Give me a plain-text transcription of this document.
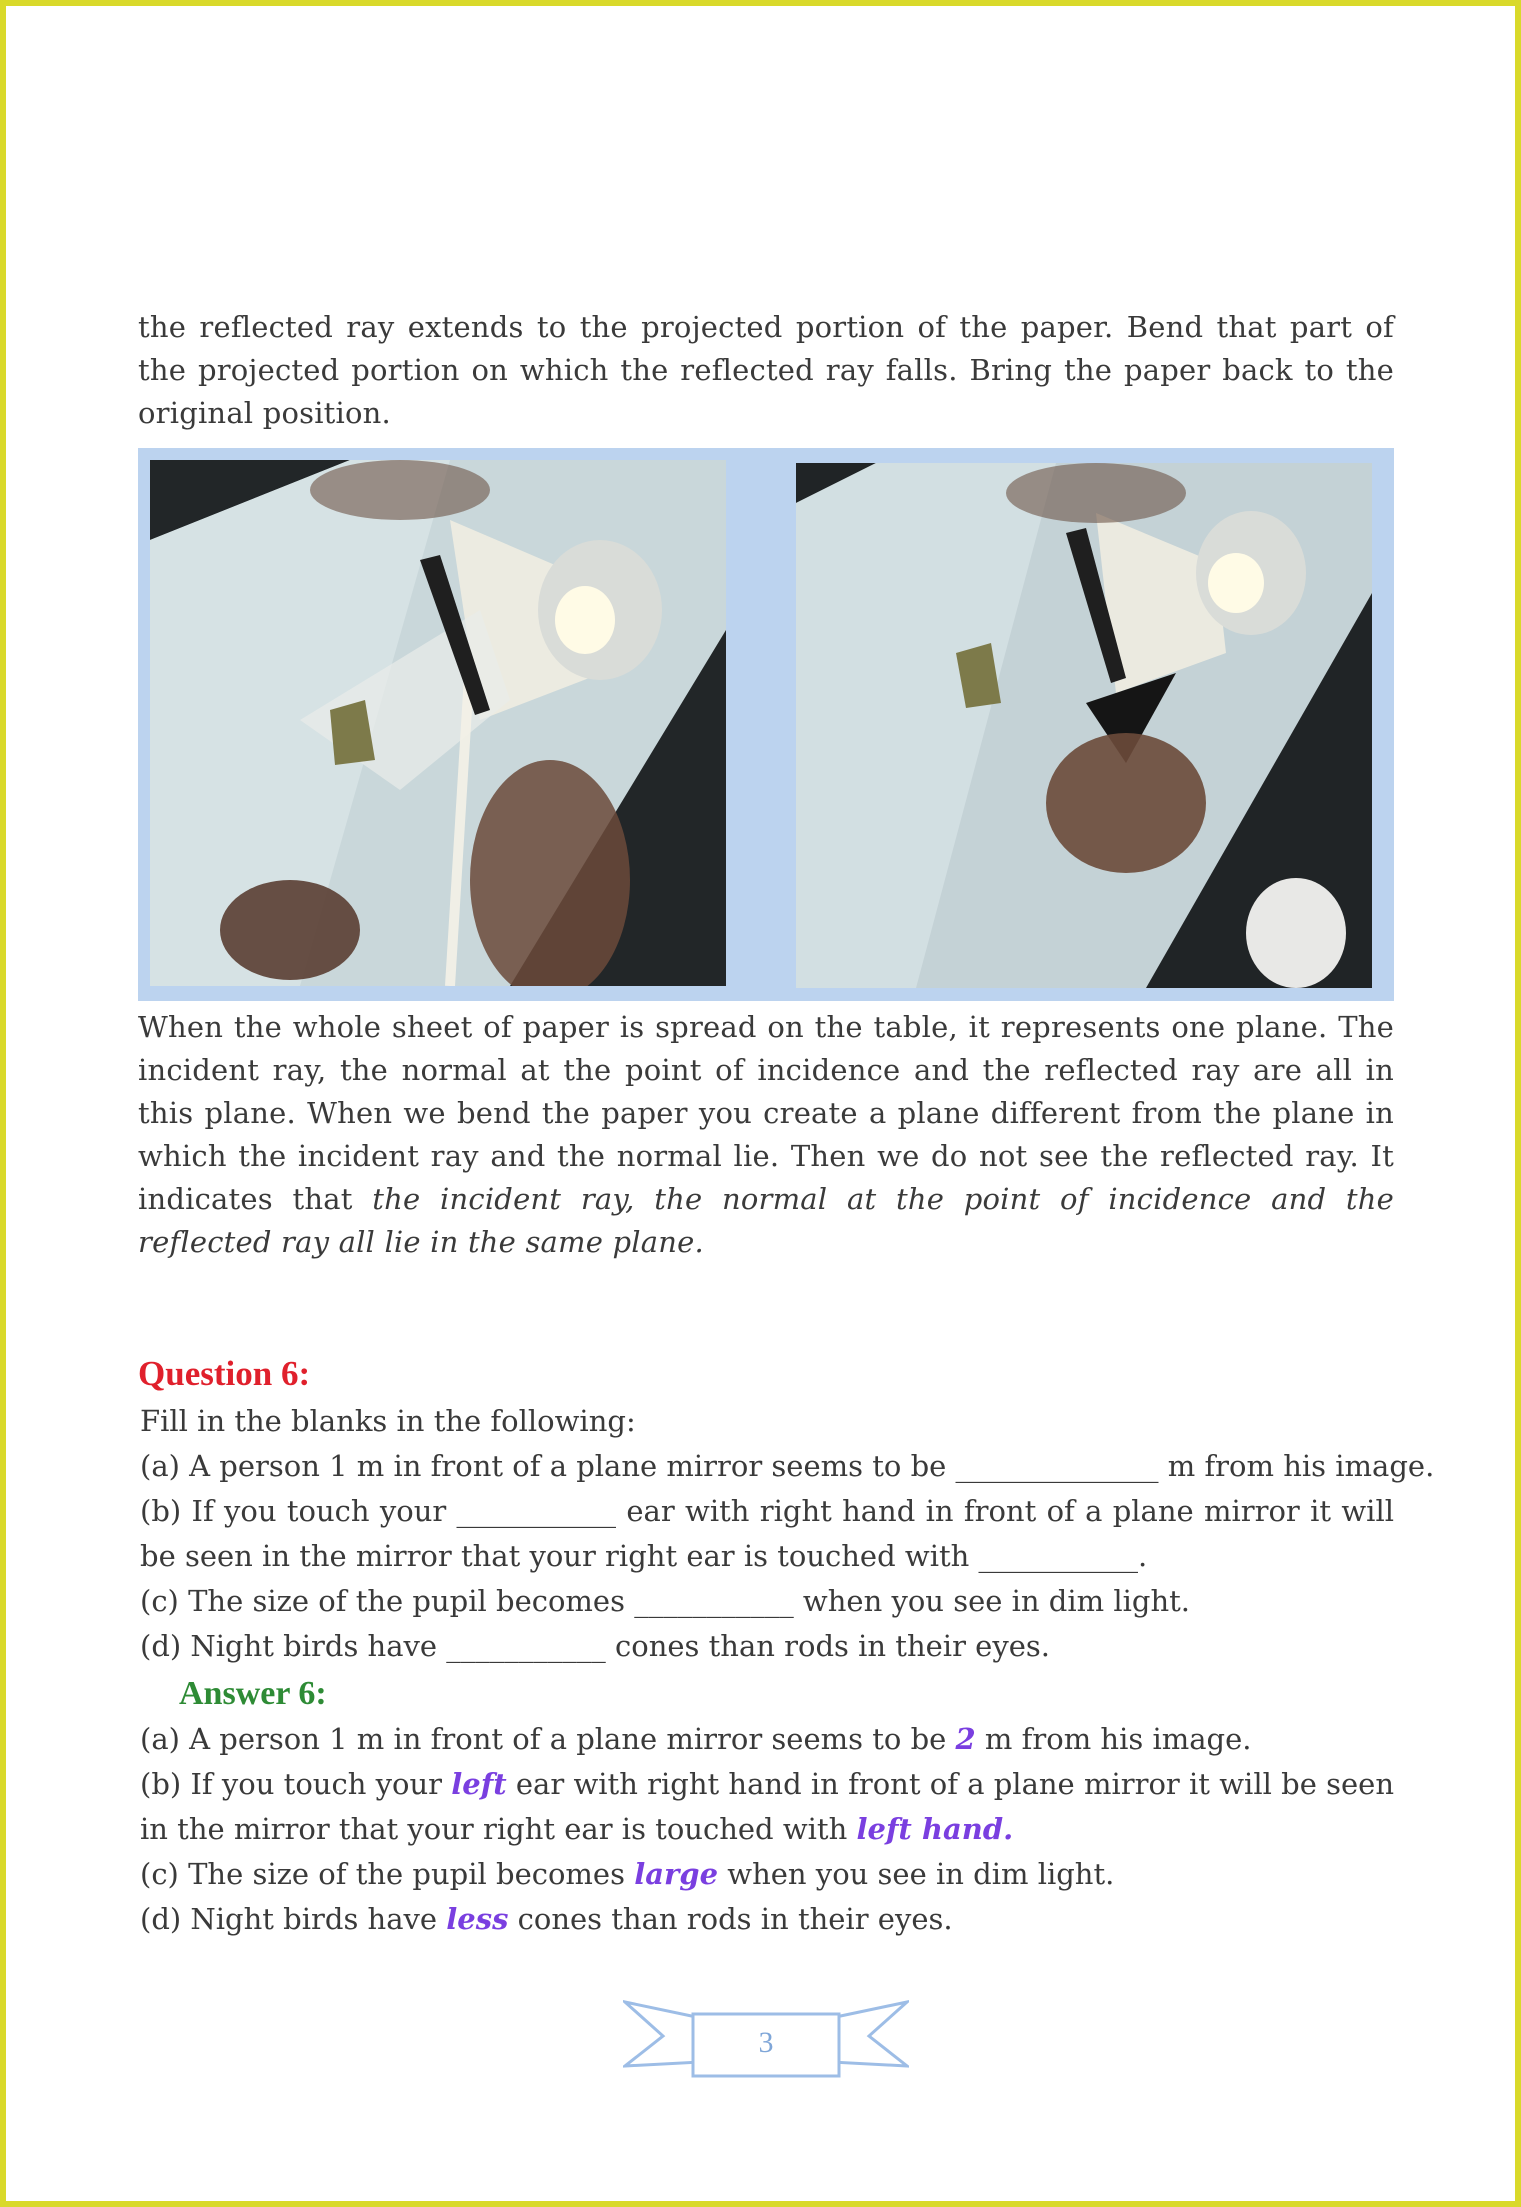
the reflected ray extends to the projected portion of the paper. Bend that part of the projected portion on which the reflected ray falls. Bring the paper back to the original position.

When the whole sheet of paper is spread on the table, it represents one plane. The incident ray, the normal at the point of incidence and the reflected ray are all in this plane. When we bend the paper you create a plane different from the plane in which the incident ray and the normal lie. Then we do not see the reflected ray. It indicates that the incident ray, the normal at the point of incidence and the reflected ray all lie in the same plane.

Question 6:
Fill in the blanks in the following:
(a) A person 1 m in front of a plane mirror seems to be ______________ m from his image.
(b) If you touch your ___________ ear with right hand in front of a plane mirror it will be seen in the mirror that your right ear is touched with ___________.
(c) The size of the pupil becomes ___________ when you see in dim light.
(d) Night birds have ___________ cones than rods in their eyes.
Answer 6:
(a) A person 1 m in front of a plane mirror seems to be 2 m from his image.
(b) If you touch your left ear with right hand in front of a plane mirror it will be seen in the mirror that your right ear is touched with left hand.
(c) The size of the pupil becomes large when you see in dim light.
(d) Night birds have less cones than rods in their eyes.
3
